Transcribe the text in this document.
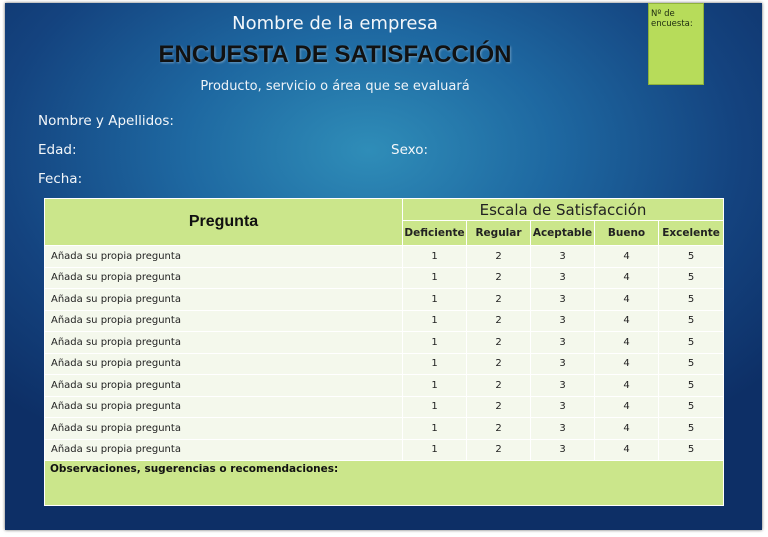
Nombre de la empresa
ENCUESTA DE SATISFACCIÓN
Producto, servicio o área que se evaluará
Nº de encuesta:
Nombre y Apellidos:
Edad:	Sexo:
Fecha:
Pregunta	Escala de Satisfacción				
	Deficiente	Regular	Aceptable	Bueno	Excelente
Añada su propia pregunta	1	2	3	4	5
Añada su propia pregunta	1	2	3	4	5
Añada su propia pregunta	1	2	3	4	5
Añada su propia pregunta	1	2	3	4	5
Añada su propia pregunta	1	2	3	4	5
Añada su propia pregunta	1	2	3	4	5
Añada su propia pregunta	1	2	3	4	5
Añada su propia pregunta	1	2	3	4	5
Añada su propia pregunta	1	2	3	4	5
Añada su propia pregunta	1	2	3	4	5
Observaciones, sugerencias o recomendaciones:					
